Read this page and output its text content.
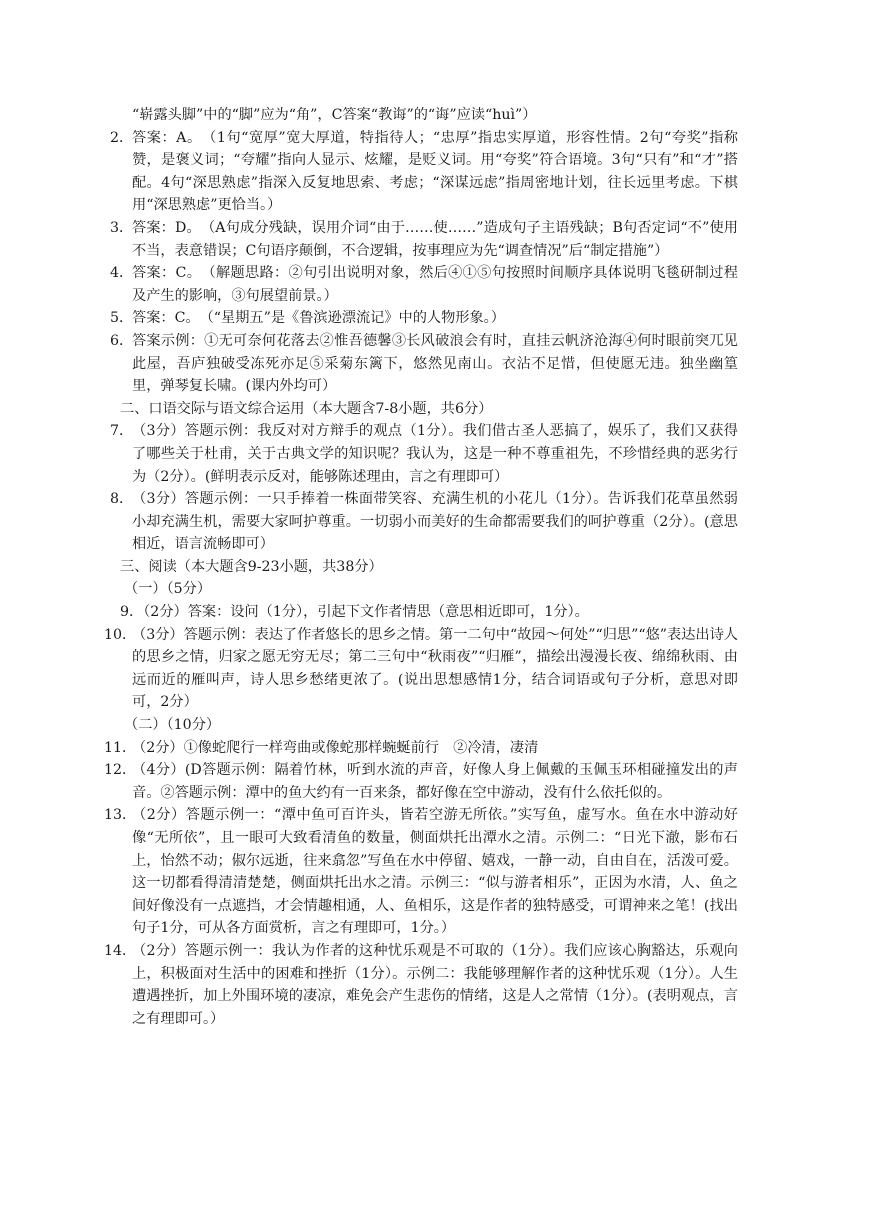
“崭露头脚”中的“脚”应为“角”，C答案“教诲”的“诲”应读“huì”）

2．
答案：A。　（1句“宽厚”宽大厚道，特指待人；“忠厚”指忠实厚道，形容性情。2句“夸奖”指称赞，是褒义词；“夸耀”指向人显示、炫耀，是贬义词。用“夸奖”符合语境。3句“只有”和“才”搭配。4句“深思熟虑”指深入反复地思索、考虑；“深谋远虑”指周密地计划，往长远里考虑。下棋用“深思熟虑”更恰当。）

3．
答案：D。　（A句成分残缺，误用介词“由于……使……”造成句子主语残缺；B句否定词“不”使用不当，表意错误；C句语序颠倒，不合逻辑，按事理应为先“调查情况”后“制定措施”）

4．
答案：C。　（解题思路：②句引出说明对象，然后④①⑤句按照时间顺序具体说明飞毯研制过程及产生的影响，③句展望前景。）

5．
答案：C。　（“星期五”是《鲁滨逊漂流记》中的人物形象。）

6．
答案示例：①无可奈何花落去②惟吾德馨③长风破浪会有时，直挂云帆济沧海④何时眼前突兀见此屋，吾庐独破受冻死亦足⑤采菊东篱下，悠然见南山。衣沾不足惜，但使愿无违。独坐幽篁里，弹琴复长啸。(课内外均可）

二、口语交际与语文综合运用（本大题含7-8小题，共6分）

7．
（3分）答题示例：我反对对方辩手的观点（1分）。我们借古圣人恶搞了，娱乐了，我们又获得了哪些关于杜甫，关于古典文学的知识呢？我认为，这是一种不尊重祖先，不珍惜经典的恶劣行为（2分）。(鲜明表示反对，能够陈述理由，言之有理即可）

8．
（3分）答题示例：一只手捧着一株面带笑容、充满生机的小花儿（1分）。告诉我们花草虽然弱小却充满生机，需要大家呵护尊重。一切弱小而美好的生命都需要我们的呵护尊重（2分）。(意思相近，语言流畅即可）

三、阅读（本大题含9-23小题，共38分）

（一）（5分）

9．（2分）答案：设问（1分），引起下文作者情思（意思相近即可，1分）。

10．
（3分）答题示例：表达了作者悠长的思乡之情。第一二句中“故园～何处”“归思”“悠”表达出诗人的思乡之情，归家之愿无穷无尽；第二三句中“秋雨夜”“归雁”，描绘出漫漫长夜、绵绵秋雨、由远而近的雁叫声，诗人思乡愁绪更浓了。(说出思想感情1分，结合词语或句子分析，意思对即可，2分）

（二）（10分）

11．
（2分）①像蛇爬行一样弯曲或像蛇那样蜿蜒前行　②冷清，凄清

12．
（4分）(D答题示例：隔着竹林，听到水流的声音，好像人身上佩戴的玉佩玉环相碰撞发出的声音。②答题示例：潭中的鱼大约有一百来条，都好像在空中游动，没有什么依托似的。

13．
（2分）答题示例一：“潭中鱼可百许头，皆若空游无所依。”实写鱼，虚写水。鱼在水中游动好像“无所依”，且一眼可大致看清鱼的数量，侧面烘托出潭水之清。示例二：“日光下澈，影布石上，怡然不动；俶尔远逝，往来翕忽”写鱼在水中停留、嬉戏，一静一动，自由自在，活泼可爱。这一切都看得清清楚楚，侧面烘托出水之清。示例三：“似与游者相乐”，正因为水清，人、鱼之间好像没有一点遮挡，才会情趣相通，人、鱼相乐，这是作者的独特感受，可谓神来之笔！(找出句子1分，可从各方面赏析，言之有理即可，1分。）

14．
（2分）答题示例一：我认为作者的这种忧乐观是不可取的（1分）。我们应该心胸豁达，乐观向上，积极面对生活中的困难和挫折（1分）。示例二：我能够理解作者的这种忧乐观（1分）。人生遭遇挫折，加上外围环境的凄凉，难免会产生悲伤的情绪，这是人之常情（1分）。(表明观点，言之有理即可。）
